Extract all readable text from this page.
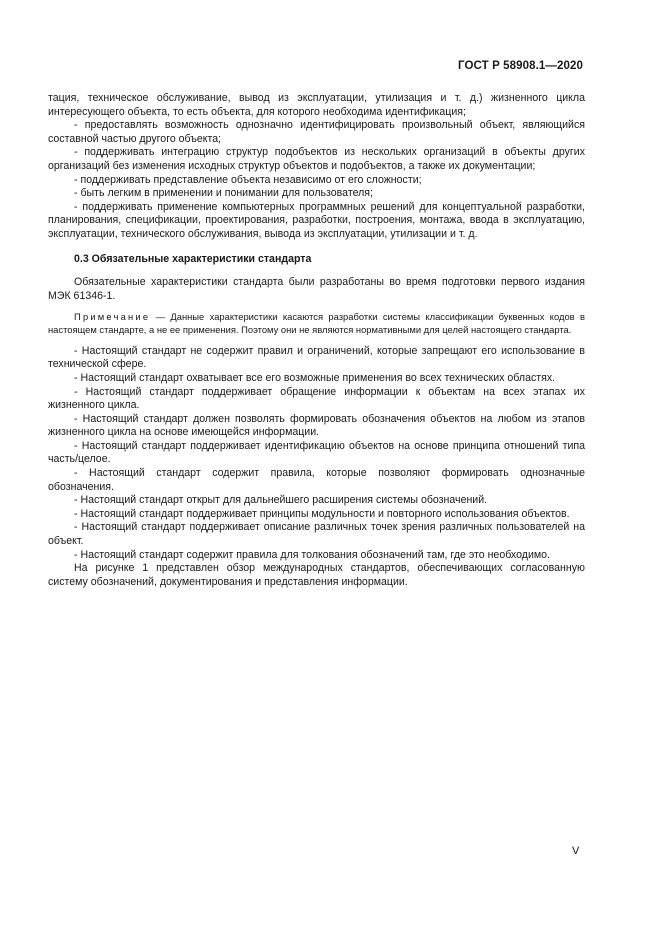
ГОСТ Р 58908.1—2020

тация, техническое обслуживание, вывод из эксплуатации, утилизация и т. д.) жизненного цикла интересующего объекта, то есть объекта, для которого необходима идентификация;

- предоставлять возможность однозначно идентифицировать произвольный объект, являющийся составной частью другого объекта;

- поддерживать интеграцию структур подобъектов из нескольких организаций в объекты других организаций без изменения исходных структур объектов и подобъектов, а также их документации;

- поддерживать представление объекта независимо от его сложности;

- быть легким в применении и понимании для пользователя;

- поддерживать применение компьютерных программных решений для концептуальной разработки, планирования, спецификации, проектирования, разработки, построения, монтажа, ввода в эксплуатацию, эксплуатации, технического обслуживания, вывода из эксплуатации, утилизации и т. д.

0.3 Обязательные характеристики стандарта

Обязательные характеристики стандарта были разработаны во время подготовки первого издания МЭК 61346-1.

Примечание — Данные характеристики касаются разработки системы классификации буквенных кодов в настоящем стандарте, а не ее применения. Поэтому они не являются нормативными для целей настоящего стандарта.

- Настоящий стандарт не содержит правил и ограничений, которые запрещают его использование в технической сфере.

- Настоящий стандарт охватывает все его возможные применения во всех технических областях.

- Настоящий стандарт поддерживает обращение информации к объектам на всех этапах их жизненного цикла.

- Настоящий стандарт должен позволять формировать обозначения объектов на любом из этапов жизненного цикла на основе имеющейся информации.

- Настоящий стандарт поддерживает идентификацию объектов на основе принципа отношений типа часть/целое.

- Настоящий стандарт содержит правила, которые позволяют формировать однозначные обозначения.

- Настоящий стандарт открыт для дальнейшего расширения системы обозначений.

- Настоящий стандарт поддерживает принципы модульности и повторного использования объектов.

- Настоящий стандарт поддерживает описание различных точек зрения различных пользователей на объект.

- Настоящий стандарт содержит правила для толкования обозначений там, где это необходимо.

На рисунке 1 представлен обзор международных стандартов, обеспечивающих согласованную систему обозначений, документирования и представления информации.

V
